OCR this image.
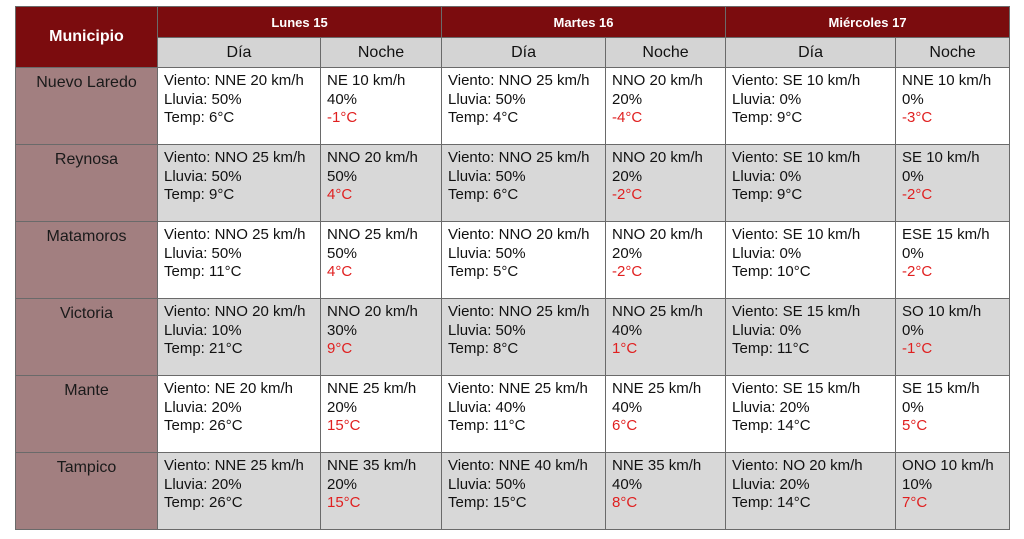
Municipio	Lunes 15		Martes 16		Miércoles 17	
	Día	Noche	Día	Noche	Día	Noche
Nuevo Laredo	Viento: NNE 20 km/h
Lluvia: 50%
Temp: 6°C	NE 10 km/h
40%
-1°C	Viento: NNO 25 km/h
Lluvia: 50%
Temp: 4°C	NNO 20 km/h
20%
-4°C	Viento: SE 10 km/h
Lluvia: 0%
Temp: 9°C	NNE 10 km/h
0%
-3°C

Reynosa	Viento: NNO 25 km/h
Lluvia: 50%
Temp: 9°C	NNO 20 km/h
50%
4°C	Viento: NNO 25 km/h
Lluvia: 50%
Temp: 6°C	NNO 20 km/h
20%
-2°C	Viento: SE 10 km/h
Lluvia: 0%
Temp: 9°C	SE 10 km/h
0%
-2°C

Matamoros	Viento: NNO 25 km/h
Lluvia: 50%
Temp: 11°C	NNO 25 km/h
50%
4°C	Viento: NNO 20 km/h
Lluvia: 50%
Temp: 5°C	NNO 20 km/h
20%
-2°C	Viento: SE 10 km/h
Lluvia: 0%
Temp: 10°C	ESE 15 km/h
0%
-2°C

Victoria	Viento: NNO 20 km/h
Lluvia: 10%
Temp: 21°C	NNO 20 km/h
30%
9°C	Viento: NNO 25 km/h
Lluvia: 50%
Temp: 8°C	NNO 25 km/h
40%
1°C	Viento: SE 15 km/h
Lluvia: 0%
Temp: 11°C	SO 10 km/h
0%
-1°C

Mante	Viento: NE 20 km/h
Lluvia: 20%
Temp: 26°C	NNE 25 km/h
20%
15°C	Viento: NNE 25 km/h
Lluvia: 40%
Temp: 11°C	NNE 25 km/h
40%
6°C	Viento: SE 15 km/h
Lluvia: 20%
Temp: 14°C	SE 15 km/h
0%
5°C

Tampico	Viento: NNE 25 km/h
Lluvia: 20%
Temp: 26°C	NNE 35 km/h
20%
15°C	Viento: NNE 40 km/h
Lluvia: 50%
Temp: 15°C	NNE 35 km/h
40%
8°C	Viento: NO 20 km/h
Lluvia: 20%
Temp: 14°C	ONO 10 km/h
10%
7°C
